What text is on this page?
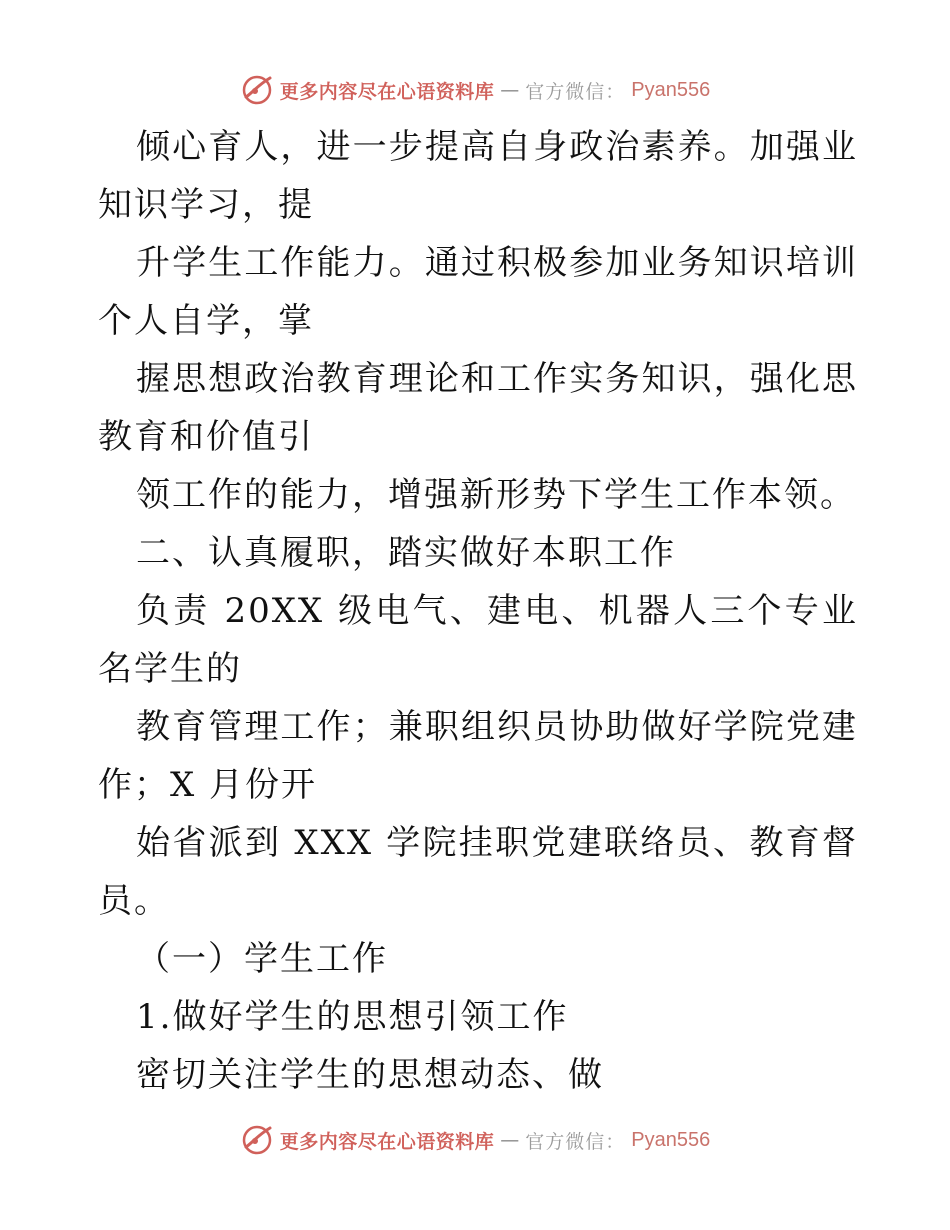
更多内容尽在心语资料库 — 官方微信： Pyan556
倾心育人，进一步提高自身政治素养。加强业
知识学习，提
升学生工作能力。通过积极参加业务知识培训
个人自学，掌
握思想政治教育理论和工作实务知识，强化思
教育和价值引
领工作的能力，增强新形势下学生工作本领。
二、认真履职，踏实做好本职工作
负责 20XX 级电气、建电、机器人三个专业
名学生的
教育管理工作；兼职组织员协助做好学院党建
作；X 月份开
始省派到 XXX 学院挂职党建联络员、教育督
员。
（一）学生工作
1.做好学生的思想引领工作
密切关注学生的思想动态、做
更多内容尽在心语资料库 — 官方微信： Pyan556
